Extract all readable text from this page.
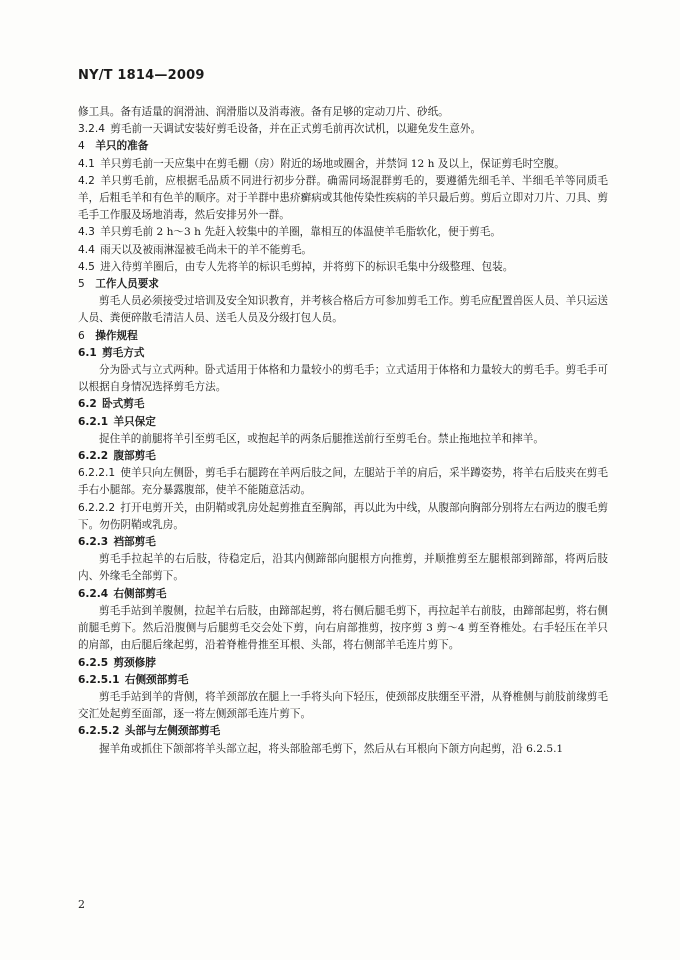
NY/T 1814—2009

修工具。备有适量的润滑油、润滑脂以及消毒液。备有足够的定动刀片、砂纸。

3.2.4  剪毛前一天调试安装好剪毛设备，并在正式剪毛前再次试机，以避免发生意外。

4  羊只的准备

4.1  羊只剪毛前一天应集中在剪毛棚（房）附近的场地或圈舍，并禁饲 12 h 及以上，保证剪毛时空腹。

4.2  羊只剪毛前，应根据毛品质不同进行初步分群。确需同场混群剪毛的，要遵循先细毛羊、半细毛羊等同质毛羊，后粗毛羊和有色羊的顺序。对于羊群中患疥癣病或其他传染性疾病的羊只最后剪。剪后立即对刀片、刀具、剪毛手工作服及场地消毒，然后安排另外一群。

4.3  羊只剪毛前 2 h～3 h 先赶入较集中的羊圈，靠相互的体温使羊毛脂软化，便于剪毛。

4.4  雨天以及被雨淋湿被毛尚未干的羊不能剪毛。

4.5  进入待剪羊圈后，由专人先将羊的标识毛剪掉，并将剪下的标识毛集中分级整理、包装。

5  工作人员要求

剪毛人员必须接受过培训及安全知识教育，并考核合格后方可参加剪毛工作。剪毛应配置兽医人员、羊只运送人员、粪便碎散毛清洁人员、送毛人员及分级打包人员。

6  操作规程

6.1  剪毛方式

分为卧式与立式两种。卧式适用于体格和力量较小的剪毛手；立式适用于体格和力量较大的剪毛手。剪毛手可以根据自身情况选择剪毛方法。

6.2  卧式剪毛

6.2.1  羊只保定

捉住羊的前腿将羊引至剪毛区，或抱起羊的两条后腿推送前行至剪毛台。禁止拖地拉羊和摔羊。

6.2.2  腹部剪毛

6.2.2.1  使羊只向左侧卧，剪毛手右腿跨在羊两后肢之间，左腿站于羊的肩后，采半蹲姿势，将羊右后肢夹在剪毛手右小腿部。充分暴露腹部，使羊不能随意活动。

6.2.2.2  打开电剪开关，由阴鞘或乳房处起剪推直至胸部，再以此为中线，从腹部向胸部分别将左右两边的腹毛剪下。勿伤阴鞘或乳房。

6.2.3  裆部剪毛

剪毛手拉起羊的右后肢，待稳定后，沿其内侧蹄部向腿根方向推剪，并顺推剪至左腿根部到蹄部，将两后肢内、外缘毛全部剪下。

6.2.4  右侧部剪毛

剪毛手站到羊腹侧，拉起羊右后肢，由蹄部起剪，将右侧后腿毛剪下，再拉起羊右前肢，由蹄部起剪，将右侧前腿毛剪下。然后沿腹侧与后腿剪毛交会处下剪，向右肩部推剪，按序剪 3 剪～4 剪至脊椎处。右手轻压在羊只的肩部，由后腿后缘起剪，沿着脊椎骨推至耳根、头部，将右侧部羊毛连片剪下。

6.2.5  剪颈修脖

6.2.5.1  右侧颈部剪毛

剪毛手站到羊的背侧，将羊颈部放在腿上一手将头向下轻压，使颈部皮肤绷至平滑，从脊椎侧与前肢前缘剪毛交汇处起剪至面部，逐一将左侧颈部毛连片剪下。

6.2.5.2  头部与左侧颈部剪毛

握羊角或抓住下颌部将羊头部立起，将头部脸部毛剪下，然后从右耳根向下颌方向起剪，沿 6.2.5.1

2
